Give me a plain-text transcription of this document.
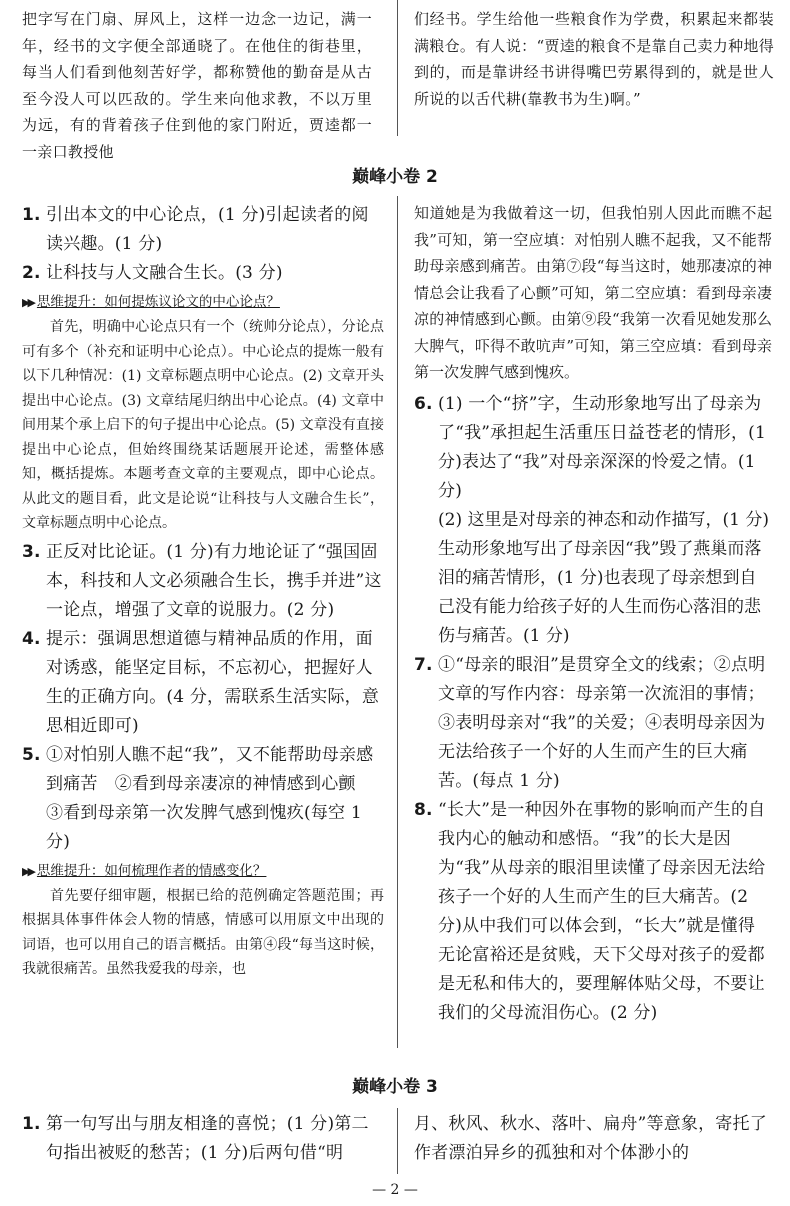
把字写在门扇、屏风上，这样一边念一边记，满一年，经书的文字便全部通晓了。在他住的街巷里，每当人们看到他刻苦好学，都称赞他的勤奋是从古至今没人可以匹敌的。学生来向他求教，不以万里为远，有的背着孩子住到他的家门附近，贾逵都一一亲口教授他
们经书。学生给他一些粮食作为学费，积累起来都装满粮仓。有人说：“贾逵的粮食不是靠自己卖力种地得到的，而是靠讲经书讲得嘴巴劳累得到的，就是世人所说的以舌代耕(靠教书为生)啊。”
巅峰小卷 2
1. 引出本文的中心论点，(1 分)引起读者的阅读兴趣。(1 分)
2. 让科技与人文融合生长。(3 分)
▶▶ 思维提升：如何提炼议论文的中心论点？
首先，明确中心论点只有一个（统帅分论点），分论点可有多个（补充和证明中心论点）。中心论点的提炼一般有以下几种情况：(1) 文章标题点明中心论点。(2) 文章开头提出中心论点。(3) 文章结尾归纳出中心论点。(4) 文章中间用某个承上启下的句子提出中心论点。(5) 文章没有直接提出中心论点，但始终围绕某话题展开论述，需整体感知，概括提炼。本题考查文章的主要观点，即中心论点。从此文的题目看，此文是论说“让科技与人文融合生长”，文章标题点明中心论点。
3. 正反对比论证。(1 分)有力地论证了“强国固本，科技和人文必须融合生长，携手并进”这一论点，增强了文章的说服力。(2 分)
4. 提示：强调思想道德与精神品质的作用，面对诱惑，能坚定目标，不忘初心，把握好人生的正确方向。(4 分，需联系生活实际，意思相近即可)
5. ①对怕别人瞧不起“我”，又不能帮助母亲感到痛苦　②看到母亲凄凉的神情感到心颤　③看到母亲第一次发脾气感到愧疚(每空 1 分)
▶▶ 思维提升：如何梳理作者的情感变化？
首先要仔细审题，根据已给的范例确定答题范围；再根据具体事件体会人物的情感，情感可以用原文中出现的词语，也可以用自己的语言概括。由第④段“每当这时候，我就很痛苦。虽然我爱我的母亲，也
知道她是为我做着这一切，但我怕别人因此而瞧不起我”可知，第一空应填：对怕别人瞧不起我，又不能帮助母亲感到痛苦。由第⑦段“每当这时，她那凄凉的神情总会让我看了心颤”可知，第二空应填：看到母亲凄凉的神情感到心颤。由第⑨段“我第一次看见她发那么大脾气，吓得不敢吭声”可知，第三空应填：看到母亲第一次发脾气感到愧疚。
6. (1) 一个“挤”字，生动形象地写出了母亲为了“我”承担起生活重压日益苍老的情形，(1 分)表达了“我”对母亲深深的怜爱之情。(1 分)
(2) 这里是对母亲的神态和动作描写，(1 分)生动形象地写出了母亲因“我”毁了燕巢而落泪的痛苦情形，(1 分)也表现了母亲想到自己没有能力给孩子好的人生而伤心落泪的悲伤与痛苦。(1 分)
7. ①“母亲的眼泪”是贯穿全文的线索；②点明文章的写作内容：母亲第一次流泪的事情；③表明母亲对“我”的关爱；④表明母亲因为无法给孩子一个好的人生而产生的巨大痛苦。(每点 1 分)
8. “长大”是一种因外在事物的影响而产生的自我内心的触动和感悟。“我”的长大是因为“我”从母亲的眼泪里读懂了母亲因无法给孩子一个好的人生而产生的巨大痛苦。(2 分)从中我们可以体会到，“长大”就是懂得无论富裕还是贫贱，天下父母对孩子的爱都是无私和伟大的，要理解体贴父母，不要让我们的父母流泪伤心。(2 分)
巅峰小卷 3
1. 第一句写出与朋友相逢的喜悦；(1 分)第二句指出被贬的愁苦；(1 分)后两句借“明
月、秋风、秋水、落叶、扁舟”等意象，寄托了作者漂泊异乡的孤独和对个体渺小的
— 2 —
